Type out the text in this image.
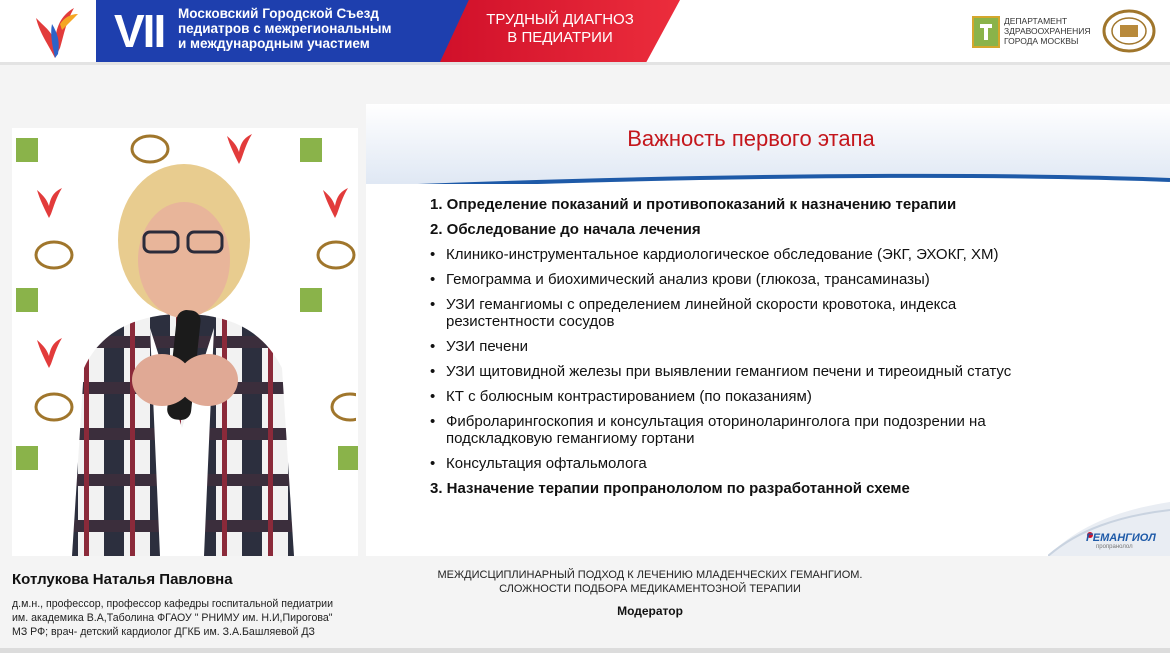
VII Московский Городской Съезд
педиатров с межрегиональным
и международным участием
ТРУДНЫЙ ДИАГНОЗ
В ПЕДИАТРИИ
ДЕПАРТАМЕНТ
ЗДРАВООХРАНЕНИЯ
ГОРОДА МОСКВЫ
Котлукова Наталья Павловна
д.м.н., профессор, профессор кафедры госпитальной педиатрии
им. академика В.А,Таболина ФГАОУ " РНИМУ им. Н.И,Пирогова"
МЗ РФ; врач- детский кардиолог ДГКБ им. З.А.Башляевой ДЗ
Важность первого этапа

1. Определение показаний и противопоказаний к назначению терапии

2. Обследование до начала лечения

• Клинико-инструментальное кардиологическое обследование (ЭКГ, ЭХОКГ, ХМ)

• Гемограмма и биохимический анализ крови (глюкоза, трансаминазы)

• УЗИ гемангиомы с определением линейной скорости кровотока, индекса резистентности сосудов

• УЗИ печени

• УЗИ щитовидной железы при выявлении гемангиом печени и тиреоидный статус

• КТ с болюсным контрастированием (по показаниям)

• Фиброларингоскопия и консультация оториноларинголога при подозрении на подскладковую гемангиому гортани

• Консультация офтальмолога

3. Назначение терапии пропранололом по разработанной схеме

ГЕМАНГИОЛ
пропранолол
МЕЖДИСЦИПЛИНАРНЫЙ ПОДХОД К ЛЕЧЕНИЮ МЛАДЕНЧЕСКИХ ГЕМАНГИОМ.
СЛОЖНОСТИ ПОДБОРА МЕДИКАМЕНТОЗНОЙ ТЕРАПИИ
Модератор
